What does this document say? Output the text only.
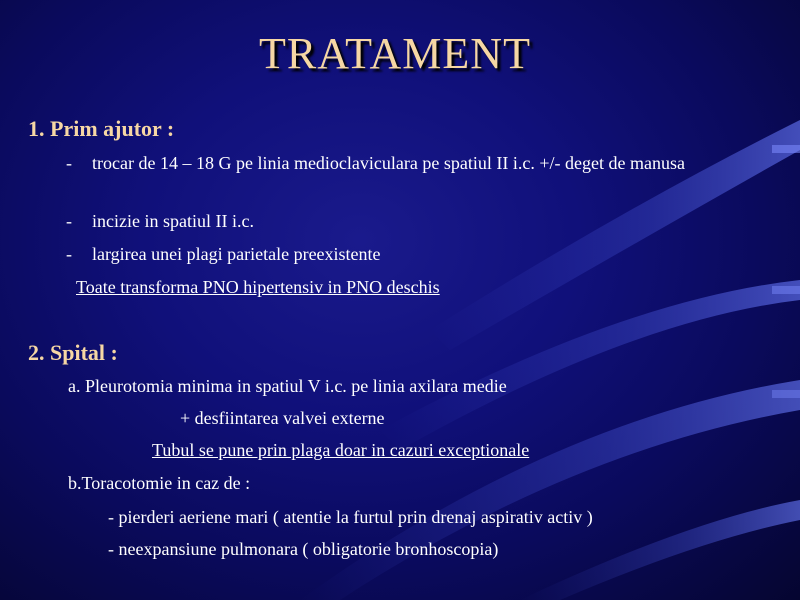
TRATAMENT
1. Prim ajutor :
-	trocar de 14 – 18 G pe linia medioclaviculara pe spatiul II i.c. +/- deget de manusa
-	incizie in spatiul II i.c.
-	largirea unei plagi parietale preexistente
Toate transforma PNO hipertensiv in PNO deschis
2. Spital :
a. Pleurotomia minima in spatiul V i.c. pe linia axilara medie
+ desfiintarea valvei externe
Tubul se pune prin plaga doar in cazuri exceptionale
b.Toracotomie in caz de :
- pierderi aeriene mari ( atentie la furtul prin drenaj aspirativ activ )
- neexpansiune pulmonara ( obligatorie bronhoscopia)
